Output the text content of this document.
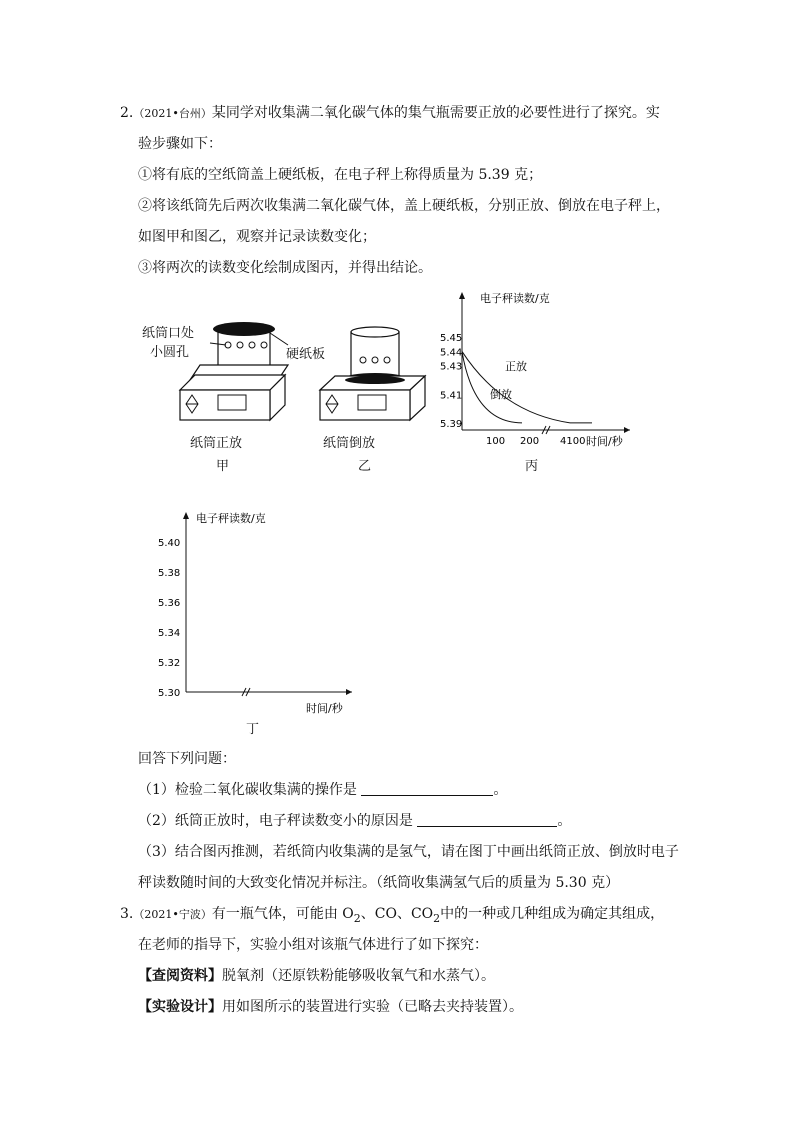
2.（2021•台州）某同学对收集满二氧化碳气体的集气瓶需要正放的必要性进行了探究。实
验步骤如下：
①将有底的空纸筒盖上硬纸板，在电子秤上称得质量为 5.39 克；
②将该纸筒先后两次收集满二氧化碳气体，盖上硬纸板，分别正放、倒放在电子秤上，
如图甲和图乙，观察并记录读数变化；
③将两次的读数变化绘制成图丙，并得出结论。
纸筒口处
小圆孔	硬纸板
纸筒正放
甲
纸筒倒放
乙
电子秤读数/克
时间/秒
5.45
5.44
5.43
5.41
5.39
100 200 4100
正放
倒放
丙
电子秤读数/克
时间/秒
5.40
5.38
5.36
5.34
5.32
5.30
丁
回答下列问题：
（1）检验二氧化碳收集满的操作是	。
（2）纸筒正放时，电子秤读数变小的原因是	。
（3）结合图丙推测，若纸筒内收集满的是氢气，请在图丁中画出纸筒正放、倒放时电子
秤读数随时间的大致变化情况并标注。（纸筒收集满氢气后的质量为 5.30 克）
3.（2021•宁波）有一瓶气体，可能由 $O_2$、CO、$CO_2$中的一种或几种组成为确定其组成，
在老师的指导下，实验小组对该瓶气体进行了如下探究：
【查阅资料】脱氧剂（还原铁粉能够吸收氧气和水蒸气）。
【实验设计】用如图所示的装置进行实验（已略去夹持装置）。
